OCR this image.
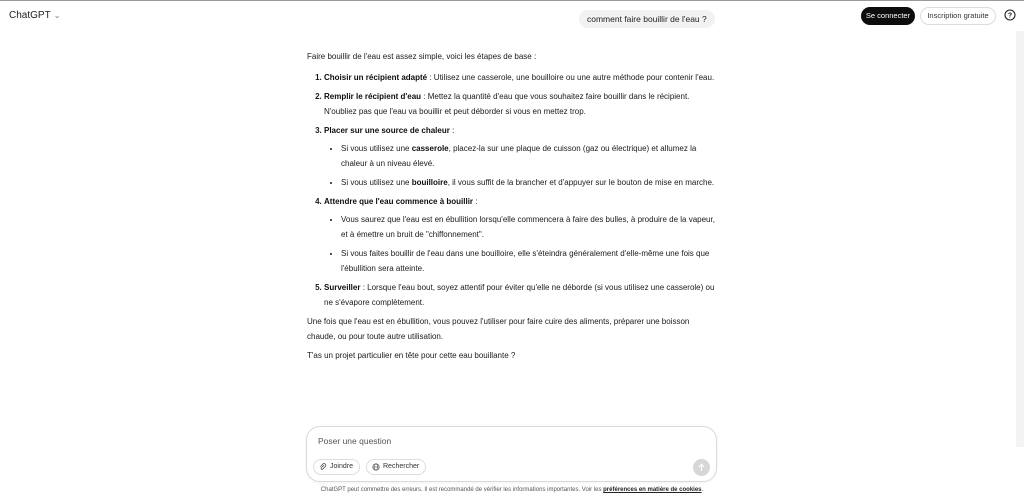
ChatGPT ⌄	comment faire bouillir de l'eau ?	Se connecter	Inscription gratuite	?

Faire bouillir de l'eau est assez simple, voici les étapes de base :

1. Choisir un récipient adapté : Utilisez une casserole, une bouilloire ou une autre méthode pour contenir l'eau.
2. Remplir le récipient d'eau : Mettez la quantité d'eau que vous souhaitez faire bouillir dans le récipient. N'oubliez pas que l'eau va bouillir et peut déborder si vous en mettez trop.
3. Placer sur une source de chaleur :
• Si vous utilisez une casserole, placez-la sur une plaque de cuisson (gaz ou électrique) et allumez la chaleur à un niveau élevé.
• Si vous utilisez une bouilloire, il vous suffit de la brancher et d'appuyer sur le bouton de mise en marche.
4. Attendre que l'eau commence à bouillir :
• Vous saurez que l'eau est en ébullition lorsqu'elle commencera à faire des bulles, à produire de la vapeur, et à émettre un bruit de "chiffonnement".
• Si vous faites bouillir de l'eau dans une bouilloire, elle s'éteindra généralement d'elle-même une fois que l'ébullition sera atteinte.
5. Surveiller : Lorsque l'eau bout, soyez attentif pour éviter qu'elle ne déborde (si vous utilisez une casserole) ou ne s'évapore complètement.

Une fois que l'eau est en ébullition, vous pouvez l'utiliser pour faire cuire des aliments, préparer une boisson chaude, ou pour toute autre utilisation.

T'as un projet particulier en tête pour cette eau bouillante ?

Poser une question
Joindre	Rechercher
ChatGPT peut commettre des erreurs. Il est recommandé de vérifier les informations importantes. Voir les préférences en matière de cookies.
